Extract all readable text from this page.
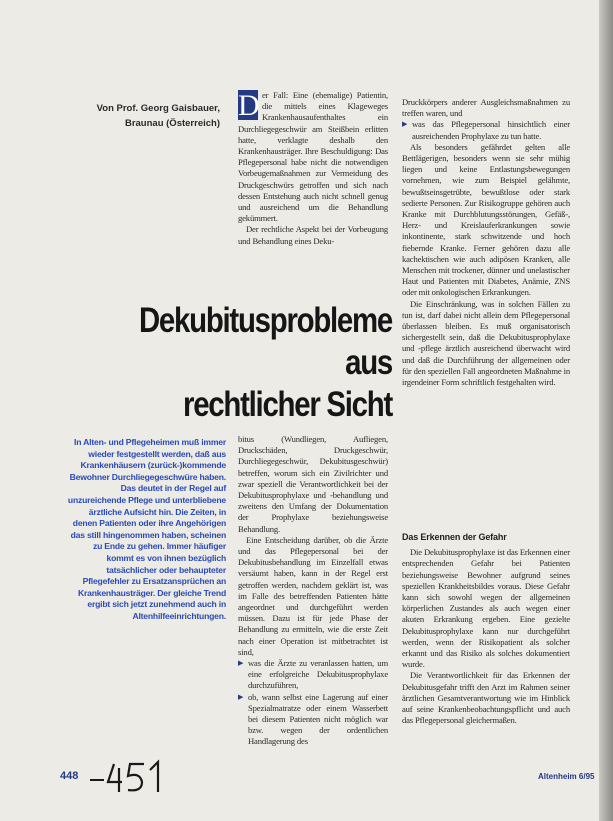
Von Prof. Georg Gaisbauer,
Braunau (Österreich)
Dekubitusprobleme aus
rechtlicher Sicht
In Alten- und Pflegeheimen muß immer wieder festgestellt werden, daß aus Krankenhäusern (zurück-)kommende Bewohner Durchliegegeschwüre haben. Das deutet in der Regel auf unzureichende Pflege und unterbliebene ärztliche Aufsicht hin. Die Zeiten, in denen Patienten oder ihre Angehörigen das still hingenommen haben, scheinen zu Ende zu gehen. Immer häufiger kommt es von ihnen bezüglich tatsächlicher oder behaupteter Pflegefehler zu Ersatzansprüchen an Krankenhausträger. Der gleiche Trend ergibt sich jetzt zunehmend auch in Altenhilfeeinrichtungen.

D er Fall: Eine (ehemalige) Patientin, die mittels eines Klageweges Krankenhausaufenthaltes ein Durchliegegeschwür am Steißbein erlitten hatte, verklagte deshalb den Krankenhausträger. Ihre Beschuldigung: Das Pflegepersonal habe nicht die notwendigen Vorbeugemaßnahmen zur Vermeidung des Druckgeschwürs getroffen und sich nach dessen Entstehung auch nicht schnell genug und ausreichend um die Behandlung gekümmert.

Der rechtliche Aspekt bei der Vorbeugung und Behandlung eines Deku-

bitus (Wundliegen, Aufliegen, Druckschäden, Druckgeschwür, Durchliegegeschwür, Dekubitusgeschwür) betreffen, worum sich ein Zivilrichter und zwar speziell die Verantwortlichkeit bei der Dekubitusprophylaxe und -behandlung und zweitens den Umfang der Dokumentation der Prophylaxe beziehungsweise Behandlung.

Eine Entscheidung darüber, ob die Ärzte und das Pflegepersonal bei der Dekubitusbehandlung im Einzelfall etwas versäumt haben, kann in der Regel erst getroffen werden, nachdem geklärt ist, was im Falle des betreffenden Patienten hätte angeordnet und durchgeführt werden müssen. Dazu ist für jede Phase der Behandlung zu ermitteln, wie die erste Zeit nach einer Operation ist mitbetrachtet ist sind,

▶ was die Ärzte zu veranlassen hatten, um eine erfolgreiche Dekubitusprophylaxe durchzuführen,
▶ ob, wann selbst eine Lagerung auf einer Spezialmatratze oder einem Wasserbett bei diesem Patienten nicht möglich war bzw. wegen der ordentlichen Handlagerung des

Druckkörpers anderer Ausgleichsmaßnahmen zu treffen waren, und

▶ was das Pflegepersonal hinsichtlich einer ausreichenden Prophylaxe zu tun hatte.

Als besonders gefährdet gelten alle Bettlägerigen, besonders wenn sie sehr mühig liegen und keine Entlastungsbewegungen vornehmen, wie zum Beispiel gelähmte, bewußtseinsgetrübte, bewußtlose oder stark sedierte Personen. Zur Risikogruppe gehören auch Kranke mit Durchblutungsstörungen, Gefäß-, Herz- und Kreislauferkrankungen sowie inkontinente, stark schwitzende und hoch fiebernde Kranke. Ferner gehören dazu alle kachektischen wie auch adipösen Kranken, alle Menschen mit trockener, dünner und unelastischer Haut und Patienten mit Diabetes, Anämie, ZNS oder mit onkologischen Erkrankungen.

Die Einschränkung, was in solchen Fällen zu tun ist, darf dabei nicht allein dem Pflegepersonal überlassen bleiben. Es muß organisatorisch sichergestellt sein, daß die Dekubitusprophylaxe und -pflege ärztlich ausreichend überwacht wird und daß die Durchführung der allgemeinen oder für den speziellen Fall angeordneten Maßnahme in irgendeiner Form schriftlich festgehalten wird.

Das Erkennen der Gefahr

Die Dekubitusprophylaxe ist das Erkennen einer entsprechenden Gefahr bei Patienten beziehungsweise Bewohner aufgrund seines speziellen Krankheitsbildes voraus. Diese Gefahr kann sich sowohl wegen der allgemeinen körperlichen Zustandes als auch wegen einer akuten Erkrankung ergeben. Eine gezielte Dekubitusprophylaxe kann nur durchgeführt werden, wenn der Risikopatient als solcher erkannt und das Risiko als solches dokumentiert wurde.

Die Verantwortlichkeit für das Erkennen der Dekubitusgefahr trifft den Arzt im Rahmen seiner ärztlichen Gesamtverantwortung wie im Hinblick auf seine Krankenbeobachtungspflicht und auch das Pflegepersonal gleichermaßen.

448	Altenheim 6/95
